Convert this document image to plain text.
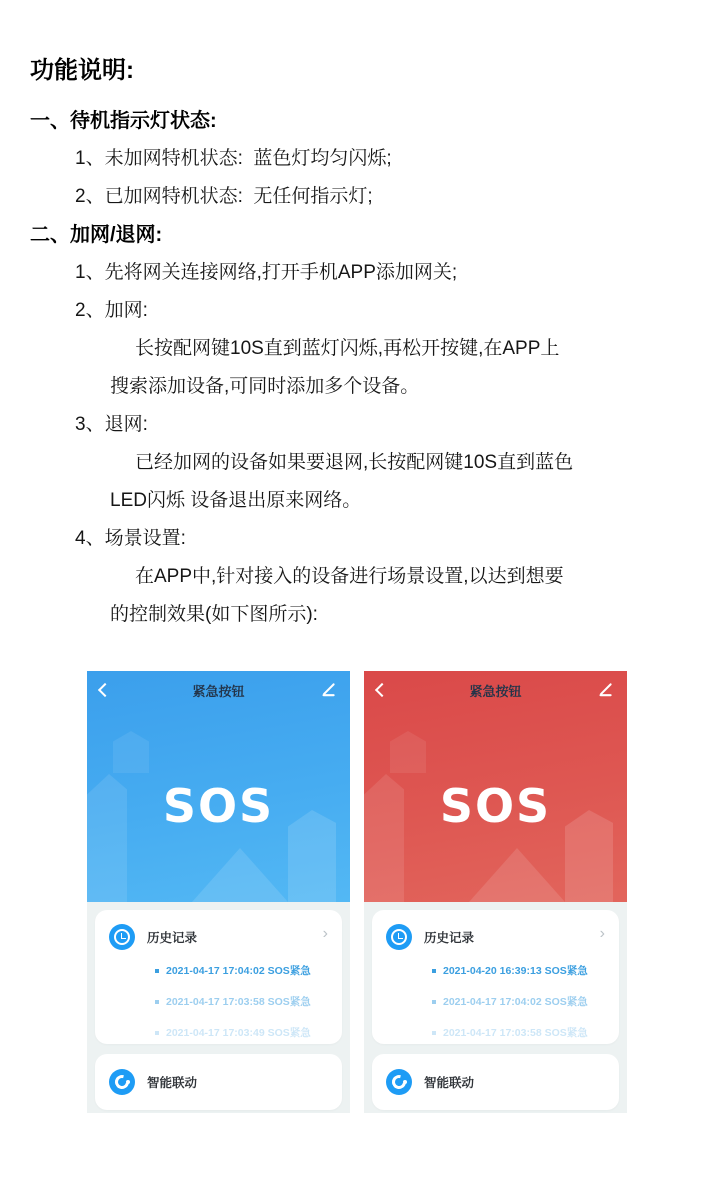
功能说明:
一、待机指示灯状态:
1、未加网特机状态:  蓝色灯均匀闪烁;
2、已加网特机状态:  无任何指示灯;
二、加网/退网:
1、先将网关连接网络,打开手机APP添加网关;
2、加网:
长按配网键10S直到蓝灯闪烁,再松开按键,在APP上
搜索添加设备,可同时添加多个设备。
3、退网:
已经加网的设备如果要退网,长按配网键10S直到蓝色
LED闪烁 设备退出原来网络。
4、场景设置:
在APP中,针对接入的设备进行场景设置,以达到想要
的控制效果(如下图所示):
紧急按钮
SOS
历史记录	›
2021-04-17 17:04:02 SOS紧急
2021-04-17 17:03:58 SOS紧急
2021-04-17 17:03:49 SOS紧急
智能联动
紧急按钮
SOS
历史记录	›
2021-04-20 16:39:13 SOS紧急
2021-04-17 17:04:02 SOS紧急
2021-04-17 17:03:58 SOS紧急
智能联动
